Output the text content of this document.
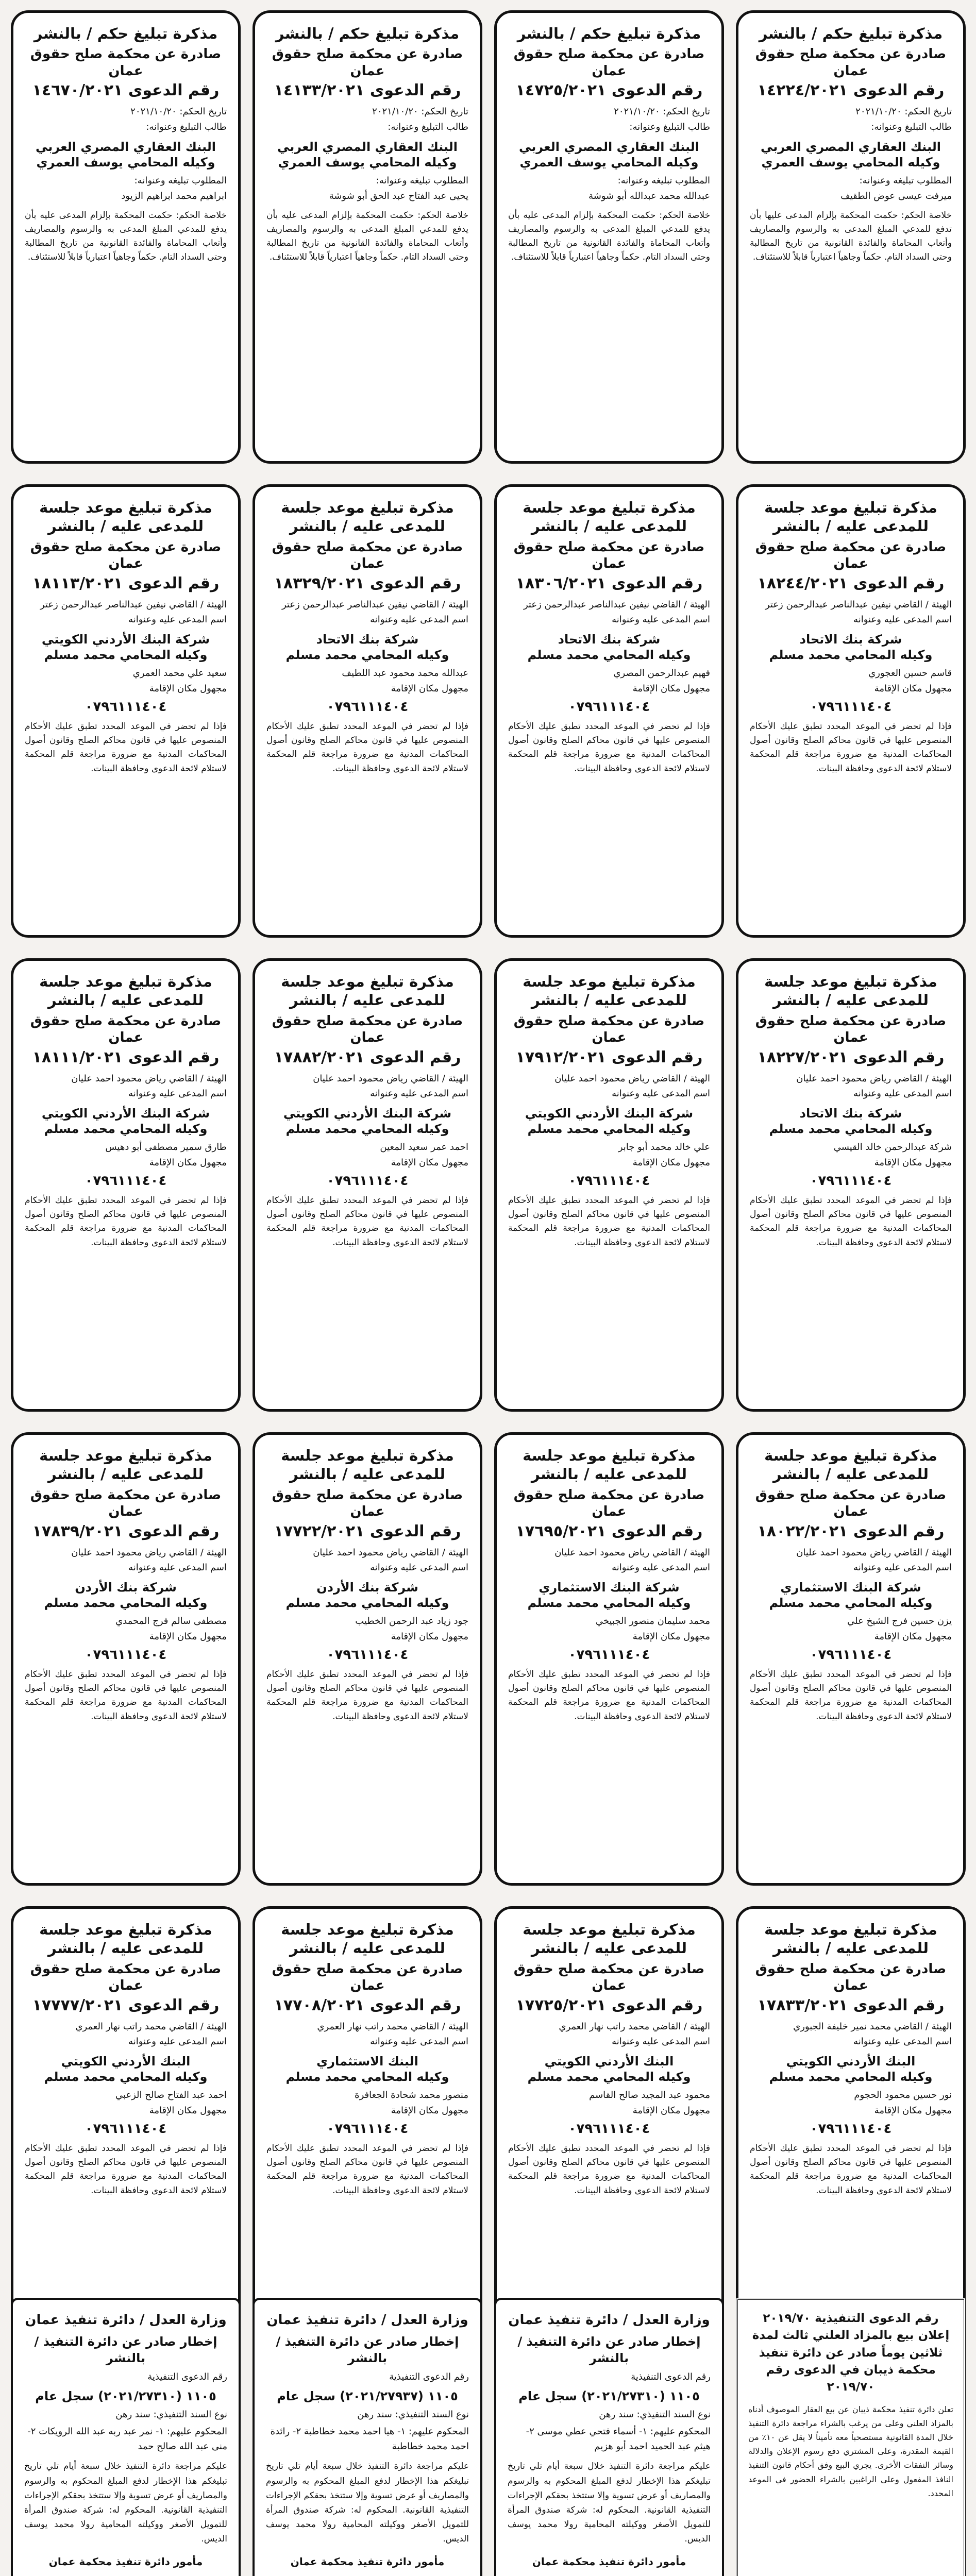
مذكرة تبليغ حكم / بالنشر
صادرة عن محكمة صلح حقوق عمان
رقم الدعوى ١٤٢٢٤/٢٠٢١
تاريخ الحكم: ٢٠٢١/١٠/٢٠
طالب التبليغ وعنوانه:
البنك العقاري المصري العربي
وكيله المحامي يوسف العمري
المطلوب تبليغه وعنوانه:
ميرفت عيسى عوض الطقيف
خلاصة الحكم: حكمت المحكمة بإلزام المدعى عليها بأن تدفع للمدعي المبلغ المدعى به والرسوم والمصاريف وأتعاب المحاماة والفائدة القانونية من تاريخ المطالبة وحتى السداد التام. حكماً وجاهياً اعتبارياً قابلاً للاستئناف.
مذكرة تبليغ حكم / بالنشر
صادرة عن محكمة صلح حقوق عمان
رقم الدعوى ١٤٧٢٥/٢٠٢١
تاريخ الحكم: ٢٠٢١/١٠/٢٠
طالب التبليغ وعنوانه:
البنك العقاري المصري العربي
وكيله المحامي يوسف العمري
المطلوب تبليغه وعنوانه:
عبدالله محمد عبدالله أبو شوشة
خلاصة الحكم: حكمت المحكمة بإلزام المدعى عليه بأن يدفع للمدعي المبلغ المدعى به والرسوم والمصاريف وأتعاب المحاماة والفائدة القانونية من تاريخ المطالبة وحتى السداد التام. حكماً وجاهياً اعتبارياً قابلاً للاستئناف.
مذكرة تبليغ حكم / بالنشر
صادرة عن محكمة صلح حقوق عمان
رقم الدعوى ١٤١٣٣/٢٠٢١
تاريخ الحكم: ٢٠٢١/١٠/٢٠
طالب التبليغ وعنوانه:
البنك العقاري المصري العربي
وكيله المحامي يوسف العمري
المطلوب تبليغه وعنوانه:
يحيى عبد الفتاح عبد الحق أبو شوشة
خلاصة الحكم: حكمت المحكمة بإلزام المدعى عليه بأن يدفع للمدعي المبلغ المدعى به والرسوم والمصاريف وأتعاب المحاماة والفائدة القانونية من تاريخ المطالبة وحتى السداد التام. حكماً وجاهياً اعتبارياً قابلاً للاستئناف.
مذكرة تبليغ حكم / بالنشر
صادرة عن محكمة صلح حقوق عمان
رقم الدعوى ١٤٦٧٠/٢٠٢١
تاريخ الحكم: ٢٠٢١/١٠/٢٠
طالب التبليغ وعنوانه:
البنك العقاري المصري العربي
وكيله المحامي يوسف العمري
المطلوب تبليغه وعنوانه:
ابراهيم محمد ابراهيم الزيود
خلاصة الحكم: حكمت المحكمة بإلزام المدعى عليه بأن يدفع للمدعي المبلغ المدعى به والرسوم والمصاريف وأتعاب المحاماة والفائدة القانونية من تاريخ المطالبة وحتى السداد التام. حكماً وجاهياً اعتبارياً قابلاً للاستئناف.
مذكرة تبليغ موعد جلسة للمدعى عليه / بالنشر
صادرة عن محكمة صلح حقوق عمان
رقم الدعوى ١٨٢٤٤/٢٠٢١
الهيئة / القاضي نيفين عبدالناصر عبدالرحمن زعتر
اسم المدعى عليه وعنوانه
شركة بنك الاتحاد
وكيله المحامي محمد مسلم
قاسم حسين العجوري
مجهول مكان الإقامة
٠٧٩٦١١١٤٠٤
فإذا لم تحضر في الموعد المحدد تطبق عليك الأحكام المنصوص عليها في قانون محاكم الصلح وقانون أصول المحاكمات المدنية مع ضرورة مراجعة قلم المحكمة لاستلام لائحة الدعوى وحافظة البينات.
مذكرة تبليغ موعد جلسة للمدعى عليه / بالنشر
صادرة عن محكمة صلح حقوق عمان
رقم الدعوى ١٨٣٠٦/٢٠٢١
الهيئة / القاضي نيفين عبدالناصر عبدالرحمن زعتر
اسم المدعى عليه وعنوانه
شركة بنك الاتحاد
وكيله المحامي محمد مسلم
فهيم عبدالرحمن المصري
مجهول مكان الإقامة
٠٧٩٦١١١٤٠٤
فإذا لم تحضر في الموعد المحدد تطبق عليك الأحكام المنصوص عليها في قانون محاكم الصلح وقانون أصول المحاكمات المدنية مع ضرورة مراجعة قلم المحكمة لاستلام لائحة الدعوى وحافظة البينات.
مذكرة تبليغ موعد جلسة للمدعى عليه / بالنشر
صادرة عن محكمة صلح حقوق عمان
رقم الدعوى ١٨٣٢٩/٢٠٢١
الهيئة / القاضي نيفين عبدالناصر عبدالرحمن زعتر
اسم المدعى عليه وعنوانه
شركة بنك الاتحاد
وكيله المحامي محمد مسلم
عبدالله محمد محمود عبد اللطيف
مجهول مكان الإقامة
٠٧٩٦١١١٤٠٤
فإذا لم تحضر في الموعد المحدد تطبق عليك الأحكام المنصوص عليها في قانون محاكم الصلح وقانون أصول المحاكمات المدنية مع ضرورة مراجعة قلم المحكمة لاستلام لائحة الدعوى وحافظة البينات.
مذكرة تبليغ موعد جلسة للمدعى عليه / بالنشر
صادرة عن محكمة صلح حقوق عمان
رقم الدعوى ١٨١١٣/٢٠٢١
الهيئة / القاضي نيفين عبدالناصر عبدالرحمن زعتر
اسم المدعى عليه وعنوانه
شركة البنك الأردني الكويتي
وكيله المحامي محمد مسلم
سعيد علي محمد العمري
مجهول مكان الإقامة
٠٧٩٦١١١٤٠٤
فإذا لم تحضر في الموعد المحدد تطبق عليك الأحكام المنصوص عليها في قانون محاكم الصلح وقانون أصول المحاكمات المدنية مع ضرورة مراجعة قلم المحكمة لاستلام لائحة الدعوى وحافظة البينات.
مذكرة تبليغ موعد جلسة للمدعى عليه / بالنشر
صادرة عن محكمة صلح حقوق عمان
رقم الدعوى ١٨٢٢٧/٢٠٢١
الهيئة / القاضي رياض محمود احمد عليان
اسم المدعى عليه وعنوانه
شركة بنك الاتحاد
وكيله المحامي محمد مسلم
شركة عبدالرحمن خالد القيسي
مجهول مكان الإقامة
٠٧٩٦١١١٤٠٤
فإذا لم تحضر في الموعد المحدد تطبق عليك الأحكام المنصوص عليها في قانون محاكم الصلح وقانون أصول المحاكمات المدنية مع ضرورة مراجعة قلم المحكمة لاستلام لائحة الدعوى وحافظة البينات.
مذكرة تبليغ موعد جلسة للمدعى عليه / بالنشر
صادرة عن محكمة صلح حقوق عمان
رقم الدعوى ١٧٩١٢/٢٠٢١
الهيئة / القاضي رياض محمود احمد عليان
اسم المدعى عليه وعنوانه
شركة البنك الأردني الكويتي
وكيله المحامي محمد مسلم
علي خالد محمد أبو جابر
مجهول مكان الإقامة
٠٧٩٦١١١٤٠٤
فإذا لم تحضر في الموعد المحدد تطبق عليك الأحكام المنصوص عليها في قانون محاكم الصلح وقانون أصول المحاكمات المدنية مع ضرورة مراجعة قلم المحكمة لاستلام لائحة الدعوى وحافظة البينات.
مذكرة تبليغ موعد جلسة للمدعى عليه / بالنشر
صادرة عن محكمة صلح حقوق عمان
رقم الدعوى ١٧٨٨٢/٢٠٢١
الهيئة / القاضي رياض محمود احمد عليان
اسم المدعى عليه وعنوانه
شركة البنك الأردني الكويتي
وكيله المحامي محمد مسلم
احمد عمر سعيد المعين
مجهول مكان الإقامة
٠٧٩٦١١١٤٠٤
فإذا لم تحضر في الموعد المحدد تطبق عليك الأحكام المنصوص عليها في قانون محاكم الصلح وقانون أصول المحاكمات المدنية مع ضرورة مراجعة قلم المحكمة لاستلام لائحة الدعوى وحافظة البينات.
مذكرة تبليغ موعد جلسة للمدعى عليه / بالنشر
صادرة عن محكمة صلح حقوق عمان
رقم الدعوى ١٨١١١/٢٠٢١
الهيئة / القاضي رياض محمود احمد عليان
اسم المدعى عليه وعنوانه
شركة البنك الأردني الكويتي
وكيله المحامي محمد مسلم
طارق سمير مصطفى أبو دهيس
مجهول مكان الإقامة
٠٧٩٦١١١٤٠٤
فإذا لم تحضر في الموعد المحدد تطبق عليك الأحكام المنصوص عليها في قانون محاكم الصلح وقانون أصول المحاكمات المدنية مع ضرورة مراجعة قلم المحكمة لاستلام لائحة الدعوى وحافظة البينات.
مذكرة تبليغ موعد جلسة للمدعى عليه / بالنشر
صادرة عن محكمة صلح حقوق عمان
رقم الدعوى ١٨٠٢٢/٢٠٢١
الهيئة / القاضي رياض محمود احمد عليان
اسم المدعى عليه وعنوانه
شركة البنك الاستثماري
وكيله المحامي محمد مسلم
يزن حسين فرج الشيخ علي
مجهول مكان الإقامة
٠٧٩٦١١١٤٠٤
فإذا لم تحضر في الموعد المحدد تطبق عليك الأحكام المنصوص عليها في قانون محاكم الصلح وقانون أصول المحاكمات المدنية مع ضرورة مراجعة قلم المحكمة لاستلام لائحة الدعوى وحافظة البينات.
مذكرة تبليغ موعد جلسة للمدعى عليه / بالنشر
صادرة عن محكمة صلح حقوق عمان
رقم الدعوى ١٧٦٩٥/٢٠٢١
الهيئة / القاضي رياض محمود احمد عليان
اسم المدعى عليه وعنوانه
شركة البنك الاستثماري
وكيله المحامي محمد مسلم
محمد سليمان منصور الجبيخي
مجهول مكان الإقامة
٠٧٩٦١١١٤٠٤
فإذا لم تحضر في الموعد المحدد تطبق عليك الأحكام المنصوص عليها في قانون محاكم الصلح وقانون أصول المحاكمات المدنية مع ضرورة مراجعة قلم المحكمة لاستلام لائحة الدعوى وحافظة البينات.
مذكرة تبليغ موعد جلسة للمدعى عليه / بالنشر
صادرة عن محكمة صلح حقوق عمان
رقم الدعوى ١٧٧٢٢/٢٠٢١
الهيئة / القاضي رياض محمود احمد عليان
اسم المدعى عليه وعنوانه
شركة بنك الأردن
وكيله المحامي محمد مسلم
جود زياد عبد الرحمن الخطيب
مجهول مكان الإقامة
٠٧٩٦١١١٤٠٤
فإذا لم تحضر في الموعد المحدد تطبق عليك الأحكام المنصوص عليها في قانون محاكم الصلح وقانون أصول المحاكمات المدنية مع ضرورة مراجعة قلم المحكمة لاستلام لائحة الدعوى وحافظة البينات.
مذكرة تبليغ موعد جلسة للمدعى عليه / بالنشر
صادرة عن محكمة صلح حقوق عمان
رقم الدعوى ١٧٨٣٩/٢٠٢١
الهيئة / القاضي رياض محمود احمد عليان
اسم المدعى عليه وعنوانه
شركة بنك الأردن
وكيله المحامي محمد مسلم
مصطفى سالم فرج المحمدي
مجهول مكان الإقامة
٠٧٩٦١١١٤٠٤
فإذا لم تحضر في الموعد المحدد تطبق عليك الأحكام المنصوص عليها في قانون محاكم الصلح وقانون أصول المحاكمات المدنية مع ضرورة مراجعة قلم المحكمة لاستلام لائحة الدعوى وحافظة البينات.
مذكرة تبليغ موعد جلسة للمدعى عليه / بالنشر
صادرة عن محكمة صلح حقوق عمان
رقم الدعوى ١٧٨٣٣/٢٠٢١
الهيئة / القاضي محمد نمير خليفة الجبوري
اسم المدعى عليه وعنوانه
البنك الأردني الكويتي
وكيله المحامي محمد مسلم
نور حسين محمود الحجوم
مجهول مكان الإقامة
٠٧٩٦١١١٤٠٤
فإذا لم تحضر في الموعد المحدد تطبق عليك الأحكام المنصوص عليها في قانون محاكم الصلح وقانون أصول المحاكمات المدنية مع ضرورة مراجعة قلم المحكمة لاستلام لائحة الدعوى وحافظة البينات.
مذكرة تبليغ موعد جلسة للمدعى عليه / بالنشر
صادرة عن محكمة صلح حقوق عمان
رقم الدعوى ١٧٧٢٥/٢٠٢١
الهيئة / القاضي محمد راتب نهار العمري
اسم المدعى عليه وعنوانه
البنك الأردني الكويتي
وكيله المحامي محمد مسلم
محمود عبد المجيد صالح القاسم
مجهول مكان الإقامة
٠٧٩٦١١١٤٠٤
فإذا لم تحضر في الموعد المحدد تطبق عليك الأحكام المنصوص عليها في قانون محاكم الصلح وقانون أصول المحاكمات المدنية مع ضرورة مراجعة قلم المحكمة لاستلام لائحة الدعوى وحافظة البينات.
مذكرة تبليغ موعد جلسة للمدعى عليه / بالنشر
صادرة عن محكمة صلح حقوق عمان
رقم الدعوى ١٧٧٠٨/٢٠٢١
الهيئة / القاضي محمد راتب نهار العمري
اسم المدعى عليه وعنوانه
البنك الاستثماري
وكيله المحامي محمد مسلم
منصور محمد شحادة الجعافرة
مجهول مكان الإقامة
٠٧٩٦١١١٤٠٤
فإذا لم تحضر في الموعد المحدد تطبق عليك الأحكام المنصوص عليها في قانون محاكم الصلح وقانون أصول المحاكمات المدنية مع ضرورة مراجعة قلم المحكمة لاستلام لائحة الدعوى وحافظة البينات.
مذكرة تبليغ موعد جلسة للمدعى عليه / بالنشر
صادرة عن محكمة صلح حقوق عمان
رقم الدعوى ١٧٧٧٧/٢٠٢١
الهيئة / القاضي محمد راتب نهار العمري
اسم المدعى عليه وعنوانه
البنك الأردني الكويتي
وكيله المحامي محمد مسلم
احمد عبد الفتاح صالح الزعبي
مجهول مكان الإقامة
٠٧٩٦١١١٤٠٤
فإذا لم تحضر في الموعد المحدد تطبق عليك الأحكام المنصوص عليها في قانون محاكم الصلح وقانون أصول المحاكمات المدنية مع ضرورة مراجعة قلم المحكمة لاستلام لائحة الدعوى وحافظة البينات.
رقم الدعوى التنفيذية ٢٠١٩/٧٠ إعلان بيع بالمزاد العلني ثالث لمدة ثلاثين يوماً صادر عن دائرة تنفيذ محكمة ذيبان في الدعوى رقم ٢٠١٩/٧٠
تعلن دائرة تنفيذ محكمة ذيبان عن بيع العقار الموصوف أدناه بالمزاد العلني وعلى من يرغب بالشراء مراجعة دائرة التنفيذ خلال المدة القانونية مستصحباً معه تأميناً لا يقل عن ١٠٪ من القيمة المقدرة، وعلى المشتري دفع رسوم الإعلان والدلالة وسائر النفقات الأخرى. يجري البيع وفق أحكام قانون التنفيذ النافذ المفعول وعلى الراغبين بالشراء الحضور في الموعد المحدد.
وزارة العدل / دائرة تنفيذ عمان
إخطار صادر عن دائرة التنفيذ / بالنشر
رقم الدعوى التنفيذية
١١٠٥ (٢٠٢١/٢٧٣١٠) سجل عام
نوع السند التنفيذي: سند رهن
المحكوم عليهم: ١- أسماء فتحي عطي موسى ٢- هيثم عبد الحميد احمد أبو هزيم
عليكم مراجعة دائرة التنفيذ خلال سبعة أيام تلي تاريخ تبليغكم هذا الإخطار لدفع المبلغ المحكوم به والرسوم والمصاريف أو عرض تسوية وإلا ستتخذ بحقكم الإجراءات التنفيذية القانونية. المحكوم له: شركة صندوق المرأة للتمويل الأصغر ووكيلته المحامية رولا محمد يوسف الديس.
مأمور دائرة تنفيذ محكمة عمان
وزارة العدل / دائرة تنفيذ عمان
إخطار صادر عن دائرة التنفيذ / بالنشر
رقم الدعوى التنفيذية
١١٠٥ (٢٠٢١/٢٧٩٣٧) سجل عام
نوع السند التنفيذي: سند رهن
المحكوم عليهم: ١- هيا احمد محمد خطاطبة ٢- رائدة احمد محمد خطاطبة
عليكم مراجعة دائرة التنفيذ خلال سبعة أيام تلي تاريخ تبليغكم هذا الإخطار لدفع المبلغ المحكوم به والرسوم والمصاريف أو عرض تسوية وإلا ستتخذ بحقكم الإجراءات التنفيذية القانونية. المحكوم له: شركة صندوق المرأة للتمويل الأصغر ووكيلته المحامية رولا محمد يوسف الديس.
مأمور دائرة تنفيذ محكمة عمان
وزارة العدل / دائرة تنفيذ عمان
إخطار صادر عن دائرة التنفيذ / بالنشر
رقم الدعوى التنفيذية
١١٠٥ (٢٠٢١/٢٧٣١٠) سجل عام
نوع السند التنفيذي: سند رهن
المحكوم عليهم: ١- نمر عبد ربه عبد الله الرويكات ٢- منى عبد الله صالح حمد
عليكم مراجعة دائرة التنفيذ خلال سبعة أيام تلي تاريخ تبليغكم هذا الإخطار لدفع المبلغ المحكوم به والرسوم والمصاريف أو عرض تسوية وإلا ستتخذ بحقكم الإجراءات التنفيذية القانونية. المحكوم له: شركة صندوق المرأة للتمويل الأصغر ووكيلته المحامية رولا محمد يوسف الديس.
مأمور دائرة تنفيذ محكمة عمان
